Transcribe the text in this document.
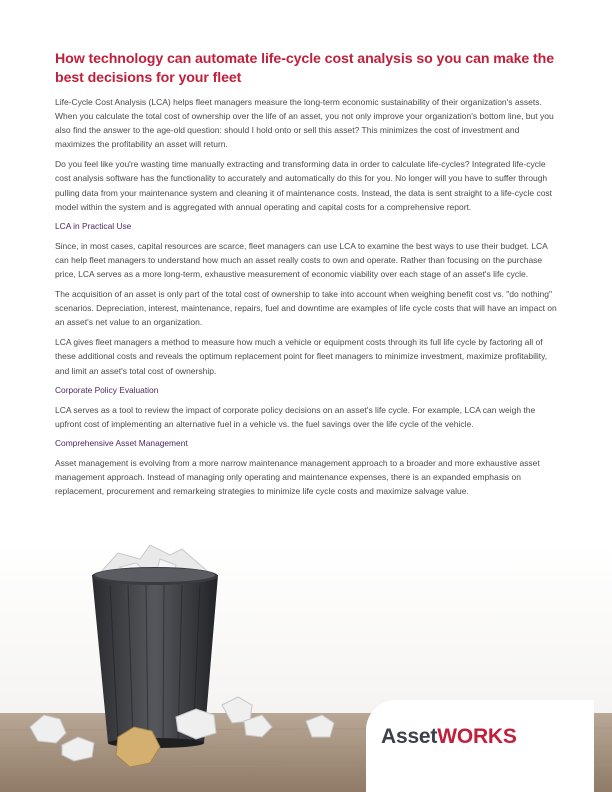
How technology can automate life-cycle cost analysis so you can make the best decisions for your fleet

Life-Cycle Cost Analysis (LCA) helps fleet managers measure the long-term economic sustainability of their organization's assets. When you calculate the total cost of ownership over the life of an asset, you not only improve your organization's bottom line, but you also find the answer to the age-old question: should I hold onto or sell this asset? This minimizes the cost of investment and maximizes the profitability an asset will return.

Do you feel like you're wasting time manually extracting and transforming data in order to calculate life-cycles? Integrated life-cycle cost analysis software has the functionality to accurately and automatically do this for you. No longer will you have to suffer through pulling data from your maintenance system and cleaning it of maintenance costs. Instead, the data is sent straight to a life-cycle cost model within the system and is aggregated with annual operating and capital costs for a comprehensive report.

LCA in Practical Use

Since, in most cases, capital resources are scarce, fleet managers can use LCA to examine the best ways to use their budget. LCA can help fleet managers to understand how much an asset really costs to own and operate. Rather than focusing on the purchase price, LCA serves as a more long-term, exhaustive measurement of economic viability over each stage of an asset's life cycle.

The acquisition of an asset is only part of the total cost of ownership to take into account when weighing benefit cost vs. "do nothing" scenarios. Depreciation, interest, maintenance, repairs, fuel and downtime are examples of life cycle costs that will have an impact on an asset's net value to an organization.

LCA gives fleet managers a method to measure how much a vehicle or equipment costs through its full life cycle by factoring all of these additional costs and reveals the optimum replacement point for fleet managers to minimize investment, maximize profitability, and limit an asset's total cost of ownership.

Corporate Policy Evaluation

LCA serves as a tool to review the impact of corporate policy decisions on an asset's life cycle. For example, LCA can weigh the upfront cost of implementing an alternative fuel in a vehicle vs. the fuel savings over the life cycle of the vehicle.

Comprehensive Asset Management

Asset management is evolving from a more narrow maintenance management approach to a broader and more exhaustive asset management approach. Instead of managing only operating and maintenance expenses, there is an expanded emphasis on replacement, procurement and remarkeing strategies to minimize life cycle costs and maximize salvage value.

AssetWORKS
